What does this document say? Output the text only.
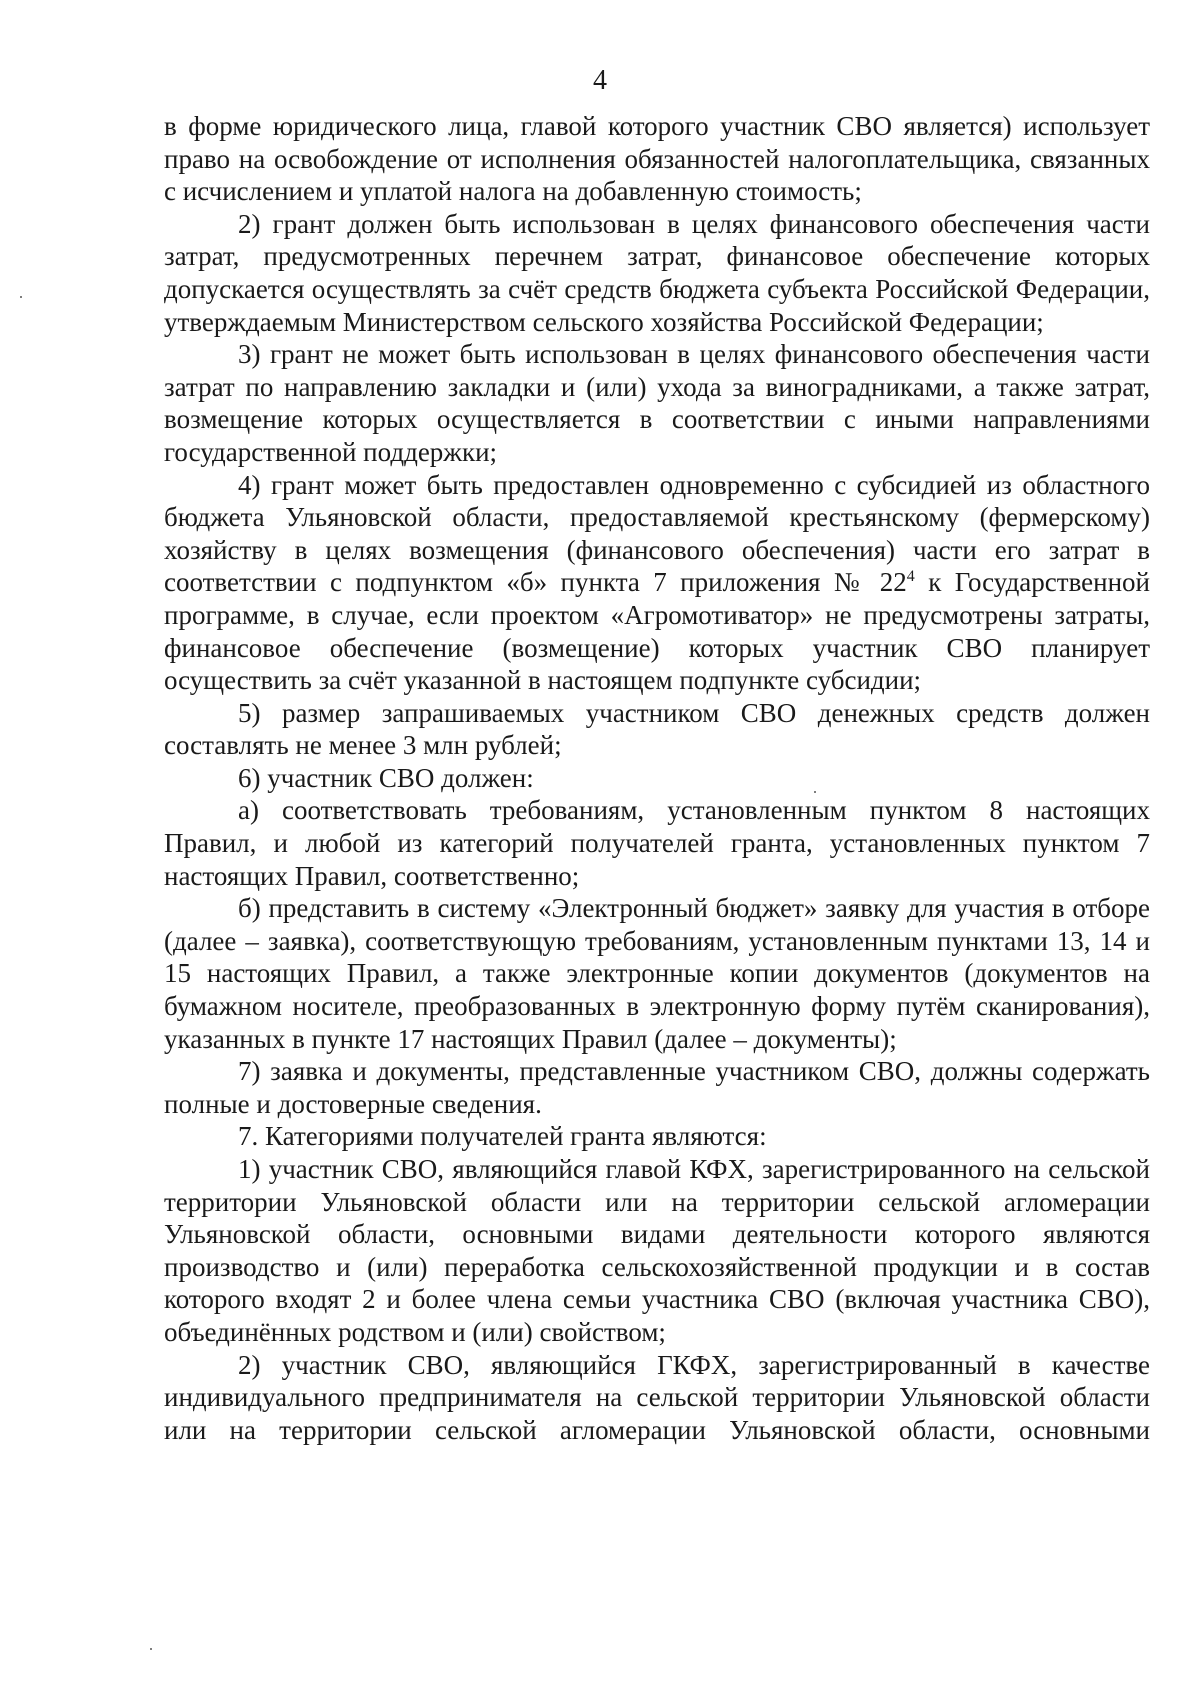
4

в форме юридического лица, главой которого участник СВО является) использует право на освобождение от исполнения обязанностей налогоплательщика, связанных с исчислением и уплатой налога на добавленную стоимость;

2) грант должен быть использован в целях финансового обеспечения части затрат, предусмотренных перечнем затрат, финансовое обеспечение которых допускается осуществлять за счёт средств бюджета субъекта Российской Федерации, утверждаемым Министерством сельского хозяйства Российской Федерации;

3) грант не может быть использован в целях финансового обеспечения части затрат по направлению закладки и (или) ухода за виноградниками, а также затрат, возмещение которых осуществляется в соответствии с иными направлениями государственной поддержки;

4) грант может быть предоставлен одновременно с субсидией из областного бюджета Ульяновской области, предоставляемой крестьянскому (фермерскому) хозяйству в целях возмещения (финансового обеспечения) части его затрат в соответствии с подпунктом «б» пункта 7 приложения № $22^4$ к Государственной программе, в случае, если проектом «Агромотиватор» не предусмотрены затраты, финансовое обеспечение (возмещение) которых участник СВО планирует осуществить за счёт указанной в настоящем подпункте субсидии;

5) размер запрашиваемых участником СВО денежных средств должен составлять не менее 3 млн рублей;

6) участник СВО должен:

а) соответствовать требованиям, установленным пунктом 8 настоящих Правил, и любой из категорий получателей гранта, установленных пунктом 7 настоящих Правил, соответственно;

б) представить в систему «Электронный бюджет» заявку для участия в отборе (далее – заявка), соответствующую требованиям, установленным пунктами 13, 14 и 15 настоящих Правил, а также электронные копии документов (документов на бумажном носителе, преобразованных в электронную форму путём сканирования), указанных в пункте 17 настоящих Правил (далее – документы);

7) заявка и документы, представленные участником СВО, должны содержать полные и достоверные сведения.

7. Категориями получателей гранта являются:

1) участник СВО, являющийся главой КФХ, зарегистрированного на сельской территории Ульяновской области или на территории сельской агломерации Ульяновской области, основными видами деятельности которого являются производство и (или) переработка сельскохозяйственной продукции и в состав которого входят 2 и более члена семьи участника СВО (включая участника СВО), объединённых родством и (или) свойством;

2) участник СВО, являющийся ГКФХ, зарегистрированный в качестве индивидуального предпринимателя на сельской территории Ульяновской области или на территории сельской агломерации Ульяновской области, основными
